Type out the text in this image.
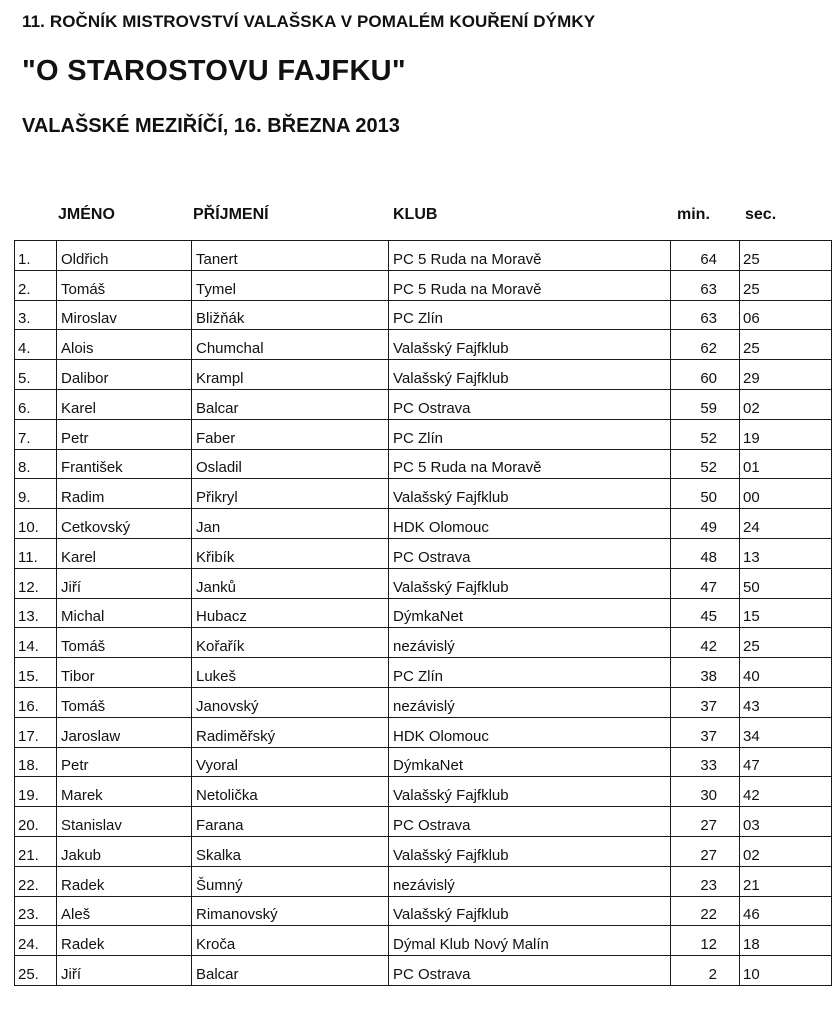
11. ROČNÍK MISTROVSTVÍ VALAŠSKA V POMALÉM KOUŘENÍ DÝMKY
"O STAROSTOVU FAJFKU"
VALAŠSKÉ MEZIŘÍČÍ, 16. BŘEZNA 2013
JMÉNO	PŘÍJMENÍ	KLUB	min. sec.
1.	Oldřich	Tanert	PC 5 Ruda na Moravě	64	25
2.	Tomáš	Tymel	PC 5 Ruda na Moravě	63	25
3.	Miroslav	Bližňák	PC Zlín	63	06
4.	Alois	Chumchal	Valašský Fajfklub	62	25
5.	Dalibor	Krampl	Valašský Fajfklub	60	29
6.	Karel	Balcar	PC Ostrava	59	02
7.	Petr	Faber	PC Zlín	52	19
8.	František	Osladil	PC 5 Ruda na Moravě	52	01
9.	Radim	Přikryl	Valašský Fajfklub	50	00
10.	Cetkovský	Jan	HDK Olomouc	49	24
11.	Karel	Křibík	PC Ostrava	48	13
12.	Jiří	Janků	Valašský Fajfklub	47	50
13.	Michal	Hubacz	DýmkaNet	45	15
14.	Tomáš	Kořařík	nezávislý	42	25
15.	Tibor	Lukeš	PC Zlín	38	40
16.	Tomáš	Janovský	nezávislý	37	43
17.	Jaroslaw	Radiměřský	HDK Olomouc	37	34
18.	Petr	Vyoral	DýmkaNet	33	47
19.	Marek	Netolička	Valašský Fajfklub	30	42
20.	Stanislav	Farana	PC Ostrava	27	03
21.	Jakub	Skalka	Valašský Fajfklub	27	02
22.	Radek	Šumný	nezávislý	23	21
23.	Aleš	Rimanovský	Valašský Fajfklub	22	46
24.	Radek	Kroča	Dýmal Klub Nový Malín	12	18
25.	Jiří	Balcar	PC Ostrava	2	10
